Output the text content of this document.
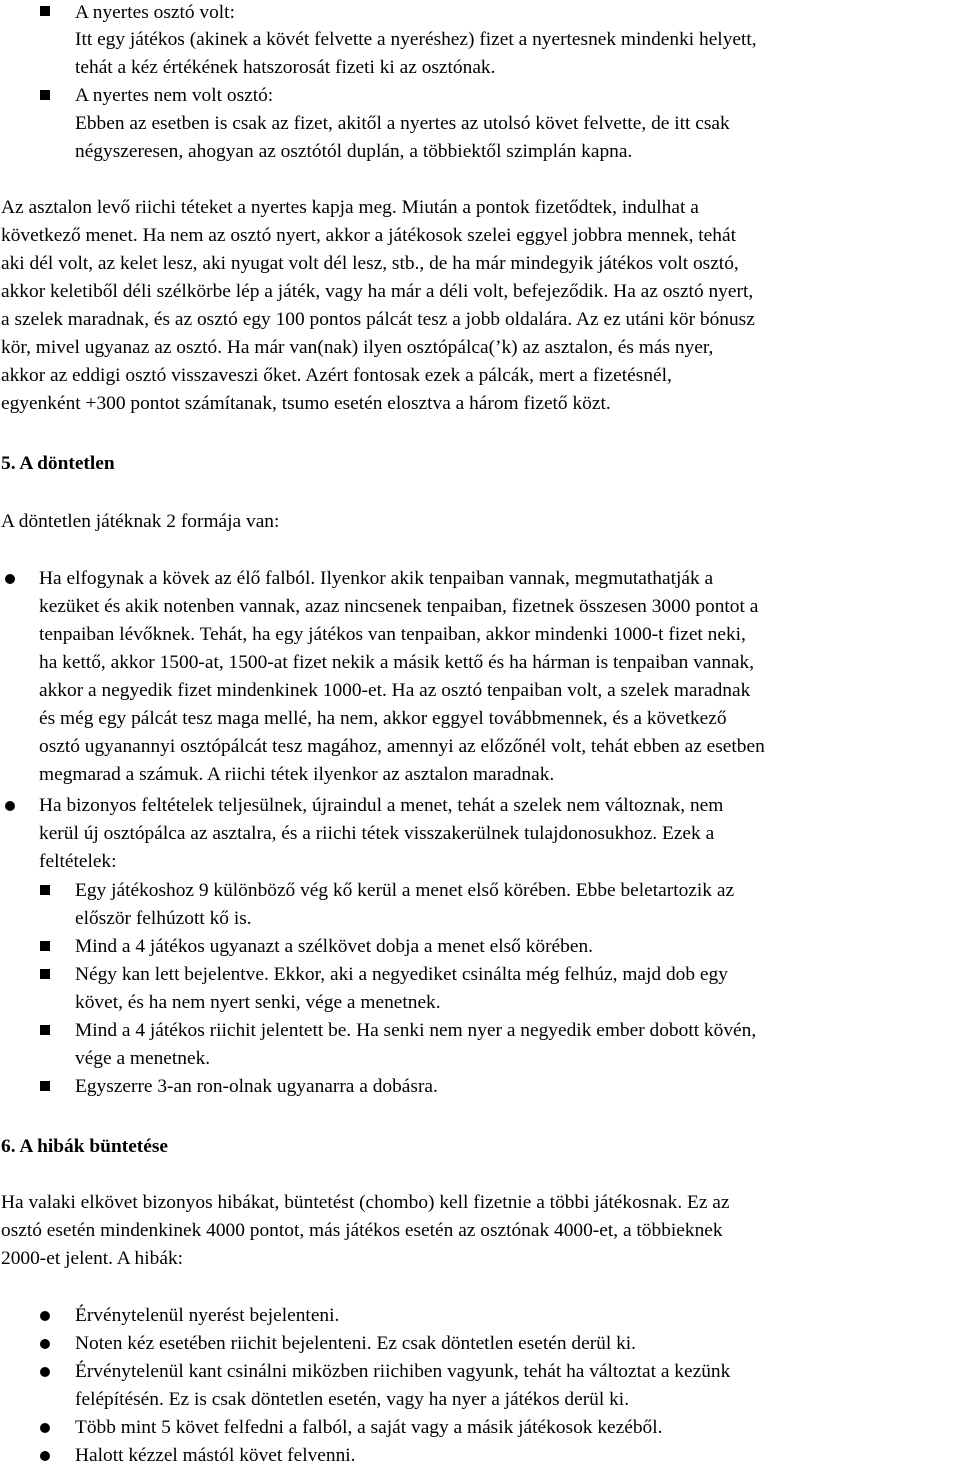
A nyertes osztó volt:
Itt egy játékos (akinek a kövét felvette a nyeréshez) fizet a nyertesnek mindenki helyett,
tehát a kéz értékének hatszorosát fizeti ki az osztónak.
A nyertes nem volt osztó:
Ebben az esetben is csak az fizet, akitől a nyertes az utolsó követ felvette, de itt csak
négyszeresen, ahogyan az osztótól duplán, a többiektől szimplán kapna.
Az asztalon levő riichi téteket a nyertes kapja meg. Miután a pontok fizetődtek, indulhat a
következő menet. Ha nem az osztó nyert, akkor a játékosok szelei eggyel jobbra mennek, tehát
aki dél volt, az kelet lesz, aki nyugat volt dél lesz, stb., de ha már mindegyik játékos volt osztó,
akkor keletiből déli szélkörbe lép a játék, vagy ha már a déli volt, befejeződik. Ha az osztó nyert,
a szelek maradnak, és az osztó egy 100 pontos pálcát tesz a jobb oldalára. Az ez utáni kör bónusz
kör, mivel ugyanaz az osztó. Ha már van(nak) ilyen osztópálca(’k) az asztalon, és más nyer,
akkor az eddigi osztó visszaveszi őket. Azért fontosak ezek a pálcák, mert a fizetésnél,
egyenként +300 pontot számítanak, tsumo esetén elosztva a három fizető közt.
5. A döntetlen
A döntetlen játéknak 2 formája van:
Ha elfogynak a kövek az élő falból. Ilyenkor akik tenpaiban vannak, megmutathatják a
kezüket és akik notenben vannak, azaz nincsenek tenpaiban, fizetnek összesen 3000 pontot a
tenpaiban lévőknek. Tehát, ha egy játékos van tenpaiban, akkor mindenki 1000-t fizet neki,
ha kettő, akkor 1500-at, 1500-at fizet nekik a másik kettő és ha hárman is tenpaiban vannak,
akkor a negyedik fizet mindenkinek 1000-et. Ha az osztó tenpaiban volt, a szelek maradnak
és még egy pálcát tesz maga mellé, ha nem, akkor eggyel továbbmennek, és a következő
osztó ugyanannyi osztópálcát tesz magához, amennyi az előzőnél volt, tehát ebben az esetben
megmarad a számuk. A riichi tétek ilyenkor az asztalon maradnak.
Ha bizonyos feltételek teljesülnek, újraindul a menet, tehát a szelek nem változnak, nem
kerül új osztópálca az asztalra, és a riichi tétek visszakerülnek tulajdonosukhoz. Ezek a
feltételek:
Egy játékoshoz 9 különböző vég kő kerül a menet első körében. Ebbe beletartozik az
először felhúzott kő is.
Mind a 4 játékos ugyanazt a szélkövet dobja a menet első körében.
Négy kan lett bejelentve. Ekkor, aki a negyediket csinálta még felhúz, majd dob egy
követ, és ha nem nyert senki, vége a menetnek.
Mind a 4 játékos riichit jelentett be. Ha senki nem nyer a negyedik ember dobott kövén,
vége a menetnek.
Egyszerre 3-an ron-olnak ugyanarra a dobásra.
6. A hibák büntetése
Ha valaki elkövet bizonyos hibákat, büntetést (chombo) kell fizetnie a többi játékosnak. Ez az
osztó esetén mindenkinek 4000 pontot, más játékos esetén az osztónak 4000-et, a többieknek
2000-et jelent. A hibák:
Érvénytelenül nyerést bejelenteni.
Noten kéz esetében riichit bejelenteni. Ez csak döntetlen esetén derül ki.
Érvénytelenül kant csinálni miközben riichiben vagyunk, tehát ha változtat a kezünk
felépítésén. Ez is csak döntetlen esetén, vagy ha nyer a játékos derül ki.
Több mint 5 követ felfedni a falból, a saját vagy a másik játékosok kezéből.
Halott kézzel mástól követ felvenni.
